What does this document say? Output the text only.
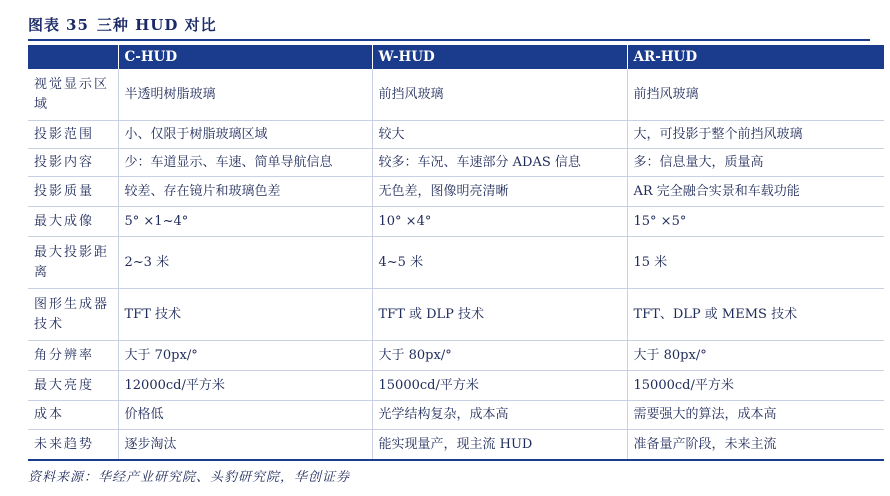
图表 35 三种 HUD 对比
	C-HUD	W-HUD	AR-HUD
视觉显示区域	半透明树脂玻璃	前挡风玻璃	前挡风玻璃
投影范围	小、仅限于树脂玻璃区域	较大	大，可投影于整个前挡风玻璃
投影内容	少：车道显示、车速、简单导航信息	较多：车况、车速部分 ADAS 信息	多：信息量大，质量高
投影质量	较差、存在镜片和玻璃色差	无色差，图像明亮清晰	AR 完全融合实景和车载功能
最大成像	5° ×1~4°	10° ×4°	15° ×5°
最大投影距离	2~3 米	4~5 米	15 米
图形生成器技术	TFT 技术	TFT 或 DLP 技术	TFT、DLP 或 MEMS 技术
角分辨率	大于 70px/°	大于 80px/°	大于 80px/°
最大亮度	12000cd/平方米	15000cd/平方米	15000cd/平方米
成本	价格低	光学结构复杂，成本高	需要强大的算法，成本高
未来趋势	逐步淘汰	能实现量产，现主流 HUD	准备量产阶段，未来主流
资料来源：华经产业研究院、头豹研究院，华创证券
